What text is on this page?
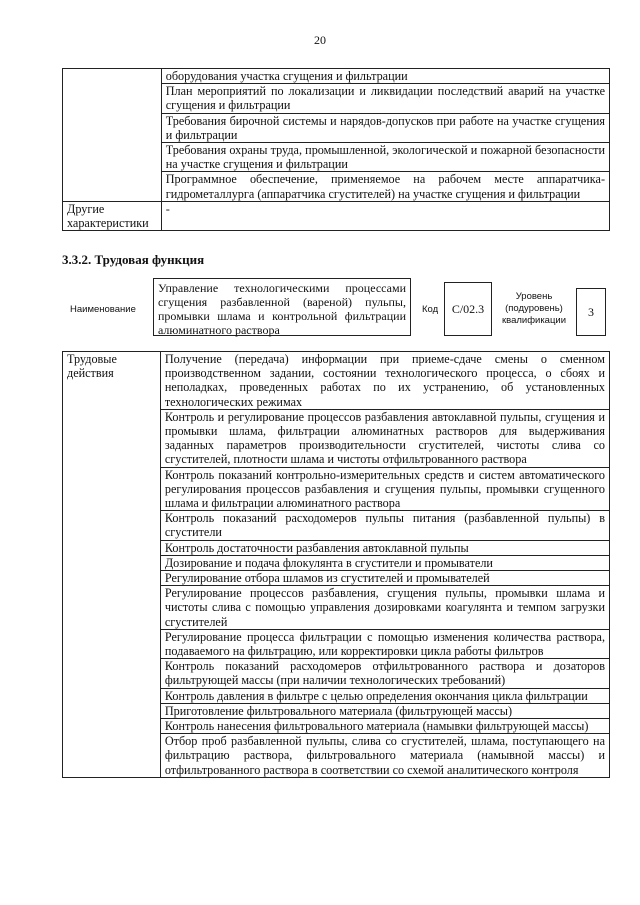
20
	оборудования участка сгущения и фильтрации
	План мероприятий по локализации и ликвидации последствий аварий на участке сгущения и фильтрации
	Требования бирочной системы и нарядов-допусков при работе на участке сгущения и фильтрации
	Требования охраны труда, промышленной, экологической и пожарной безопасности на участке сгущения и фильтрации
	Программное обеспечение, применяемое на рабочем месте аппаратчика-гидрометаллурга (аппаратчика сгустителей) на участке сгущения и фильтрации
Другие характеристики	-
3.3.2. Трудовая функция
Наименование
Управление технологическими процессами сгущения разбавленной (вареной) пульпы, промывки шлама и контрольной фильтрации алюминатного раствора
Код	C/02.3
Уровень (подуровень) квалификации
3
Трудовые действия	Получение (передача) информации при приеме-сдаче смены о сменном производственном задании, состоянии технологического процесса, о сбоях и неполадках, проведенных работах по их устранению, об установленных технологических режимах
	Контроль и регулирование процессов разбавления автоклавной пульпы, сгущения и промывки шлама, фильтрации алюминатных растворов для выдерживания заданных параметров производительности сгустителей, чистоты слива со сгустителей, плотности шлама и чистоты отфильтрованного раствора
	Контроль показаний контрольно-измерительных средств и систем автоматического регулирования процессов разбавления и сгущения пульпы, промывки сгущенного шлама и фильтрации алюминатного раствора
	Контроль показаний расходомеров пульпы питания (разбавленной пульпы) в сгустители
	Контроль достаточности разбавления автоклавной пульпы
	Дозирование и подача флокулянта в сгустители и промыватели
	Регулирование отбора шламов из сгустителей и промывателей
	Регулирование процессов разбавления, сгущения пульпы, промывки шлама и чистоты слива с помощью управления дозировками коагулянта и темпом загрузки сгустителей
	Регулирование процесса фильтрации с помощью изменения количества раствора, подаваемого на фильтрацию, или корректировки цикла работы фильтров
	Контроль показаний расходомеров отфильтрованного раствора и дозаторов фильтрующей массы (при наличии технологических требований)
	Контроль давления в фильтре с целью определения окончания цикла фильтрации
	Приготовление фильтровального материала (фильтрующей массы)
	Контроль нанесения фильтровального материала (намывки фильтрующей массы)
	Отбор проб разбавленной пульпы, слива со сгустителей, шлама, поступающего на фильтрацию раствора, фильтровального материала (намывной массы) и отфильтрованного раствора в соответствии со схемой аналитического контроля
